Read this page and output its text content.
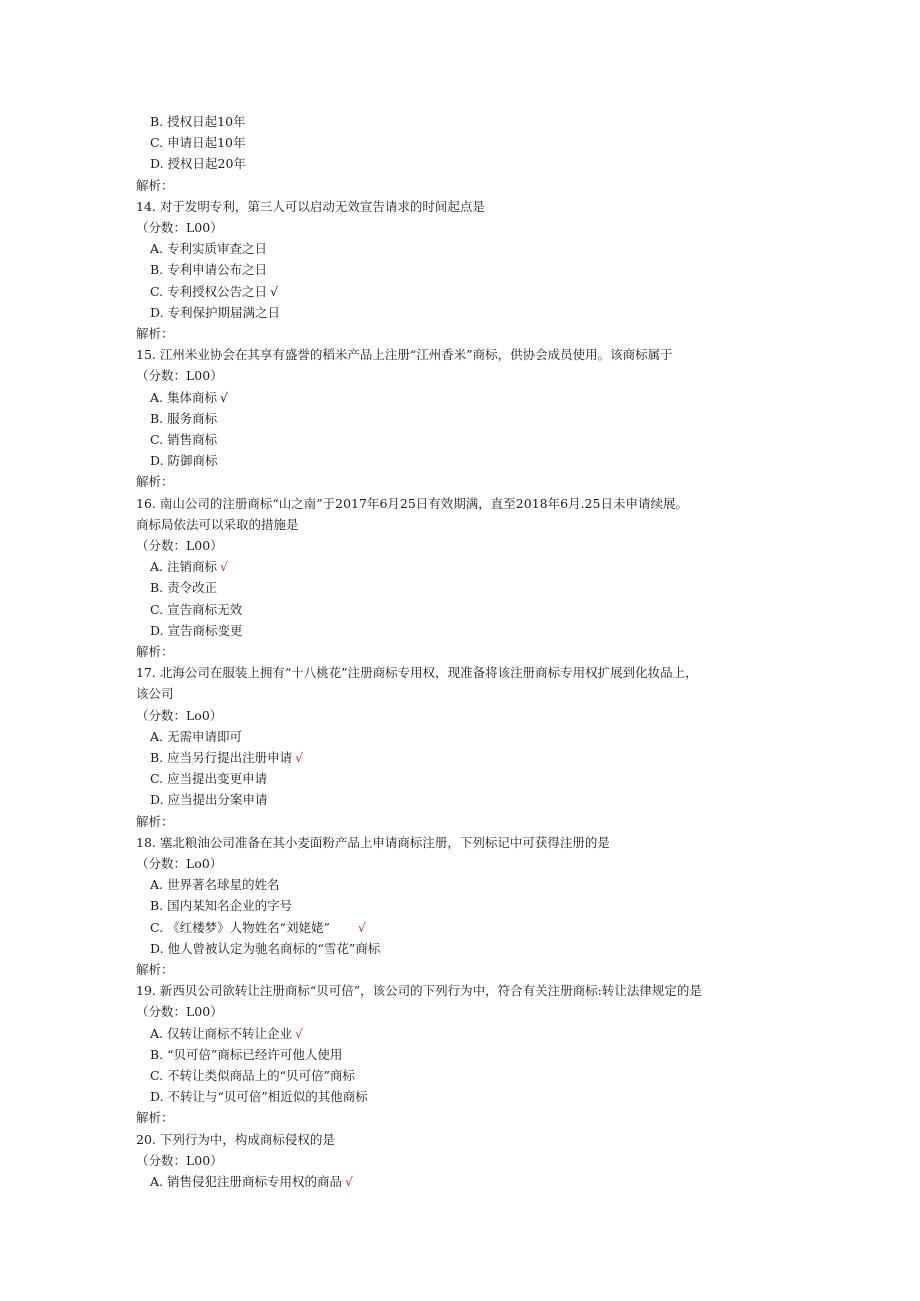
B. 授权日起10年
C. 申请日起10年
D. 授权日起20年
解析：
14. 对于发明专利，第三人可以启动无效宣告请求的时间起点是
（分数：L00）
A. 专利实质审查之日
B. 专利申请公布之日
C. 专利授权公告之日 √
D. 专利保护期届满之日
解析：
15. 江州米业协会在其享有盛誉的稻米产品上注册“江州香米”商标，供协会成员使用。该商标属于
（分数：L00）
A. 集体商标 √
B. 服务商标
C. 销售商标
D. 防御商标
解析：
16. 南山公司的注册商标“山之南”于2017年6月25日有效期满，直至2018年6月.25日未申请续展。
商标局依法可以采取的措施是
（分数：L00）
A. 注销商标 √
B. 责令改正
C. 宣告商标无效
D. 宣告商标变更
解析：
17. 北海公司在服装上拥有“十八桃花”注册商标专用权，现准备将该注册商标专用权扩展到化妆品上，
该公司
（分数：Lo0）
A. 无需申请即可
B. 应当另行提出注册申请 √
C. 应当提出变更申请
D. 应当提出分案申请
解析：
18. 塞北粮油公司准备在其小麦面粉产品上申请商标注册，下列标记中可获得注册的是
（分数：Lo0）
A. 世界著名球星的姓名
B. 国内某知名企业的字号
C. 《红楼梦》人物姓名“刘姥姥”　　√
D. 他人曾被认定为驰名商标的“雪花”商标
解析：
19. 新西贝公司欲转让注册商标“贝可倍”，该公司的下列行为中，符合有关注册商标:转让法律规定的是
（分数：L00）
A. 仅转让商标不转让企业 √
B. “贝可倍”商标已经许可他人使用
C. 不转让类似商品上的“贝可倍”商标
D. 不转让与“贝可倍”相近似的其他商标
解析：
20. 下列行为中，构成商标侵权的是
（分数：L00）
A. 销售侵犯注册商标专用权的商品 √
